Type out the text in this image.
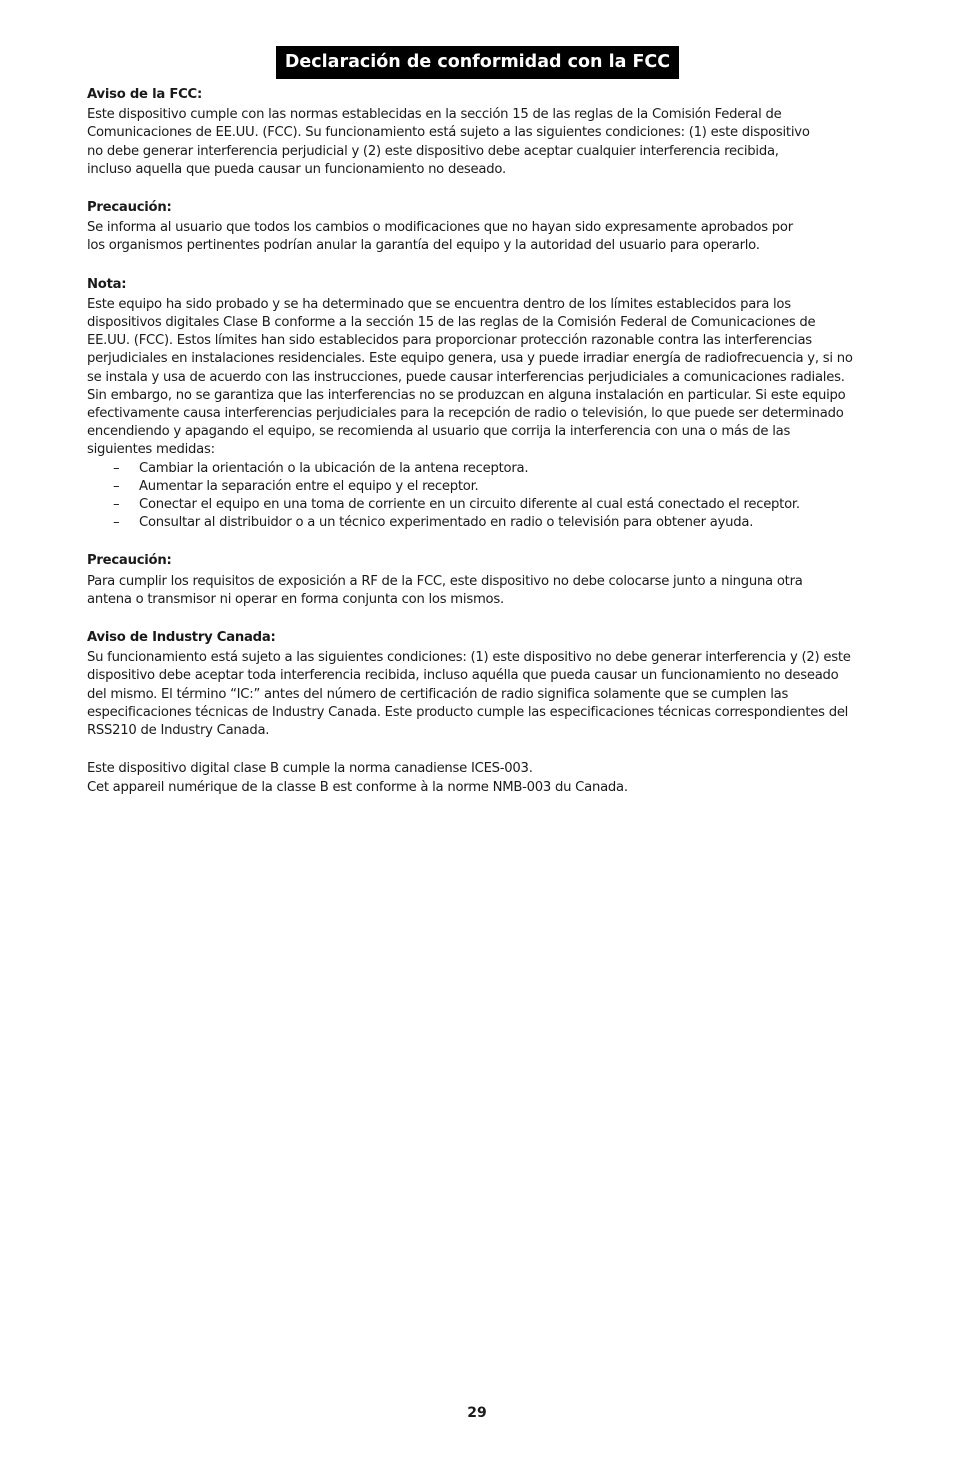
Declaración de conformidad con la FCC
Aviso de la FCC:
Este dispositivo cumple con las normas establecidas en la sección 15 de las reglas de la Comisión Federal de
Comunicaciones de EE.UU. (FCC). Su funcionamiento está sujeto a las siguientes condiciones: (1) este dispositivo
no debe generar interferencia perjudicial y (2) este dispositivo debe aceptar cualquier interferencia recibida,
incluso aquella que pueda causar un funcionamiento no deseado.
Precaución:
Se informa al usuario que todos los cambios o modificaciones que no hayan sido expresamente aprobados por
los organismos pertinentes podrían anular la garantía del equipo y la autoridad del usuario para operarlo.
Nota:
Este equipo ha sido probado y se ha determinado que se encuentra dentro de los límites establecidos para los
dispositivos digitales Clase B conforme a la sección 15 de las reglas de la Comisión Federal de Comunicaciones de
EE.UU. (FCC). Estos límites han sido establecidos para proporcionar protección razonable contra las interferencias
perjudiciales en instalaciones residenciales. Este equipo genera, usa y puede irradiar energía de radiofrecuencia y, si no
se instala y usa de acuerdo con las instrucciones, puede causar interferencias perjudiciales a comunicaciones radiales.
Sin embargo, no se garantiza que las interferencias no se produzcan en alguna instalación en particular. Si este equipo
efectivamente causa interferencias perjudiciales para la recepción de radio o televisión, lo que puede ser determinado
encendiendo y apagando el equipo, se recomienda al usuario que corrija la interferencia con una o más de las
siguientes medidas:
– Cambiar la orientación o la ubicación de la antena receptora.
– Aumentar la separación entre el equipo y el receptor.
– Conectar el equipo en una toma de corriente en un circuito diferente al cual está conectado el receptor.
– Consultar al distribuidor o a un técnico experimentado en radio o televisión para obtener ayuda.
Precaución:
Para cumplir los requisitos de exposición a RF de la FCC, este dispositivo no debe colocarse junto a ninguna otra
antena o transmisor ni operar en forma conjunta con los mismos.
Aviso de Industry Canada:
Su funcionamiento está sujeto a las siguientes condiciones: (1) este dispositivo no debe generar interferencia y (2) este
dispositivo debe aceptar toda interferencia recibida, incluso aquélla que pueda causar un funcionamiento no deseado
del mismo. El término “IC:” antes del número de certificación de radio significa solamente que se cumplen las
especificaciones técnicas de Industry Canada. Este producto cumple las especificaciones técnicas correspondientes del
RSS210 de Industry Canada.
Este dispositivo digital clase B cumple la norma canadiense ICES-003.
Cet appareil numérique de la classe B est conforme à la norme NMB-003 du Canada.
29
